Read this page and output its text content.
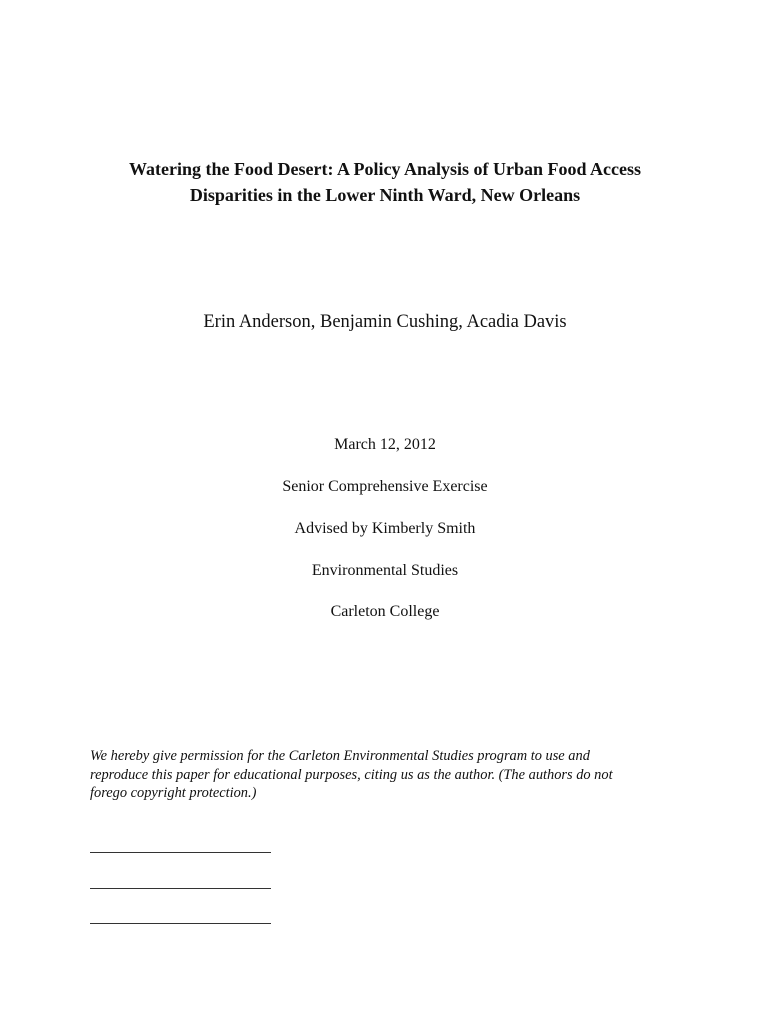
Watering the Food Desert: A Policy Analysis of Urban Food Access
Disparities in the Lower Ninth Ward, New Orleans
Erin Anderson, Benjamin Cushing, Acadia Davis
March 12, 2012
Senior Comprehensive Exercise
Advised by Kimberly Smith
Environmental Studies
Carleton College
We hereby give permission for the Carleton Environmental Studies program to use and
reproduce this paper for educational purposes, citing us as the author. (The authors do not
forego copyright protection.)
